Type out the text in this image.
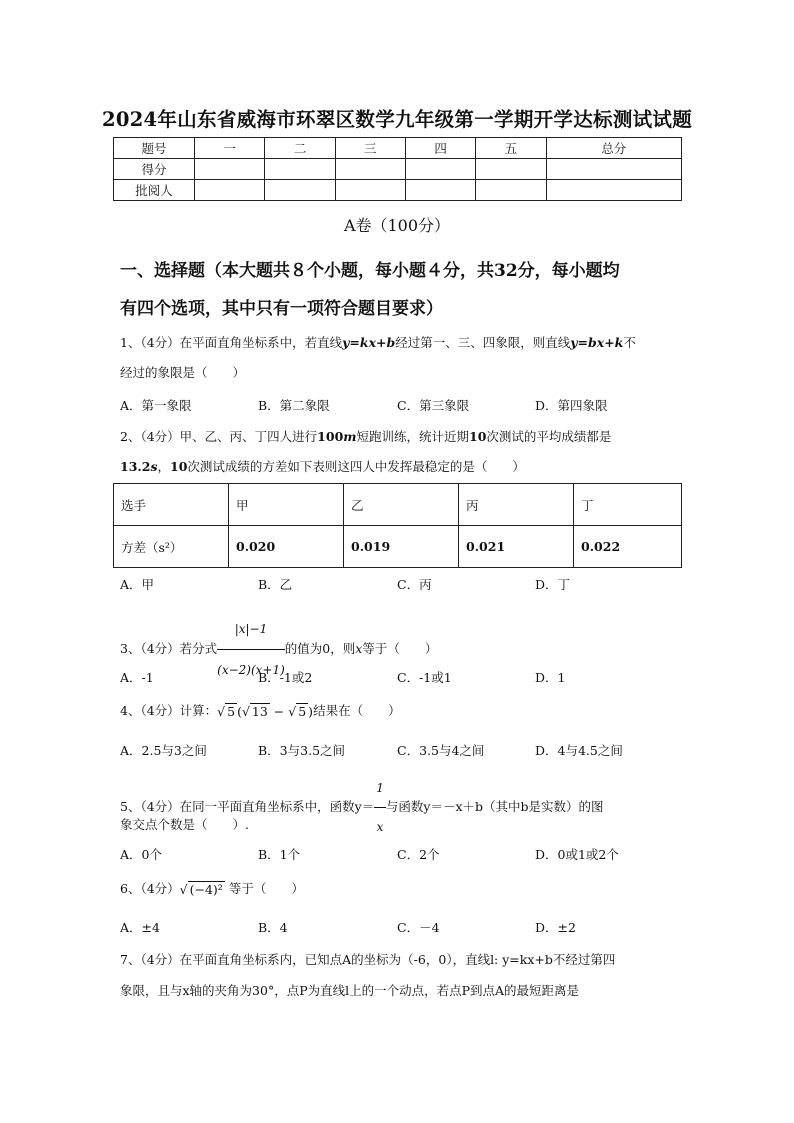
2024年山东省威海市环翠区数学九年级第一学期开学达标测试试题
题号	一	二	三	四	五	总分
得分						
批阅人						
A卷（100分）
一、选择题（本大题共８个小题，每小题４分，共32分，每小题均
有四个选项，其中只有一项符合题目要求）
1、（4分）在平面直角坐标系中，若直线y=kx+b经过第一、三、四象限，则直线y=bx+k不
经过的象限是（　　）
A．第一象限	B．第二象限	C．第三象限	D．第四象限
2、（4分）甲、乙、丙、丁四人进行100m短跑训练，统计近期10次测试的平均成绩都是
13.2s，10次测试成绩的方差如下表则这四人中发挥最稳定的是（　　）
选手	甲	乙	丙	丁
方差（s²）	0.020	0.019	0.021	0.022
A．甲	B．乙	C．丙	D．丁
3、（4分）若分式 $\frac{|x|-1}{(x-2)(x+1)}$ 的值为0，则x等于（　　）
A．-1	B．-1或2	C．-1或1	D．1
4、（4分）计算：√ 5 (√ 13 − √ 5 )结果在（　　）
A．2.5与3之间	B．3与3.5之间	C．3.5与4之间	D．4与4.5之间
5、（4分）在同一平面直角坐标系中，函数$y= \frac{1}{x}$ 与函数y＝－x＋b（其中b是实数）的图
象交点个数是（　　）.
A．0个	B．1个	C．2个	D．0或1或2个
6、（4分）√ (−4)² 等于（　　）
A．±4	B．4	C．－4	D．±2
7、（4分）在平面直角坐标系内，已知点A的坐标为（-6，0），直线l: y=kx+b不经过第四
象限，且与x轴的夹角为30°，点P为直线l上的一个动点，若点P到点A的最短距离是
